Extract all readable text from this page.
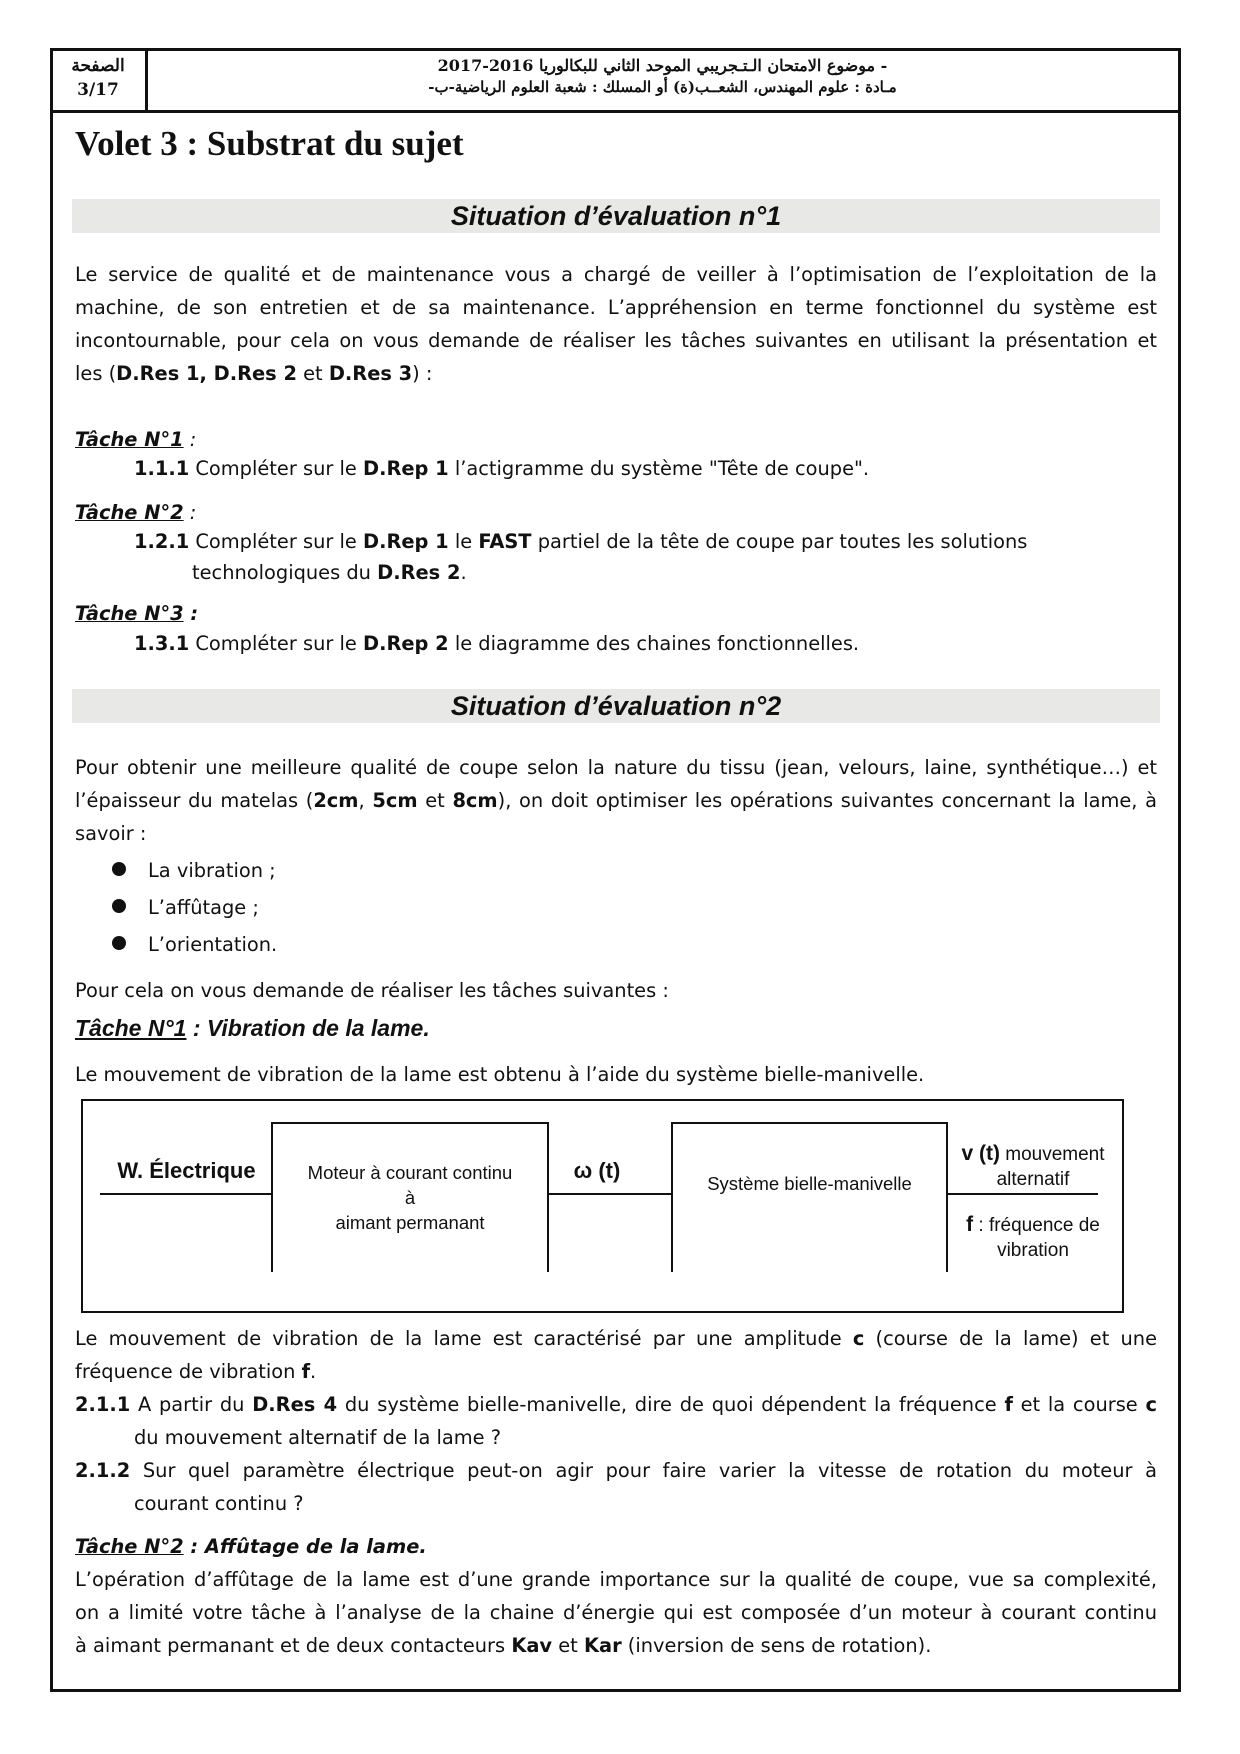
الصفحة
3/17
- موضوع الامتحان الـتـجريبي الموحد الثاني للبكالوريا 2016-2017
مـادة : علوم المهندس، الشعــب(ة) أو المسلك : شعبة العلوم الرياضية-ب-
Volet 3 : Substrat du sujet
Situation d’évaluation n°1
Le service de qualité et de maintenance vous a chargé de veiller à l’optimisation de l’exploitation de la
machine, de son entretien et de sa maintenance. L’appréhension en terme fonctionnel du système est
incontournable, pour cela on vous demande de réaliser les tâches suivantes en utilisant la présentation et
les (D.Res 1, D.Res 2 et D.Res 3) :
Tâche N°1 :
1.1.1 Compléter sur le D.Rep 1 l’actigramme du système "Tête de coupe".
Tâche N°2 :
1.2.1 Compléter sur le D.Rep 1 le FAST partiel de la tête de coupe par toutes les solutions
technologiques du D.Res 2.
Tâche N°3 :
1.3.1 Compléter sur le D.Rep 2 le diagramme des chaines fonctionnelles.
Situation d’évaluation n°2
Pour obtenir une meilleure qualité de coupe selon la nature du tissu (jean, velours, laine, synthétique…) et
l’épaisseur du matelas (2cm, 5cm et 8cm), on doit optimiser les opérations suivantes concernant la lame, à
savoir :
La vibration ;
L’affûtage ;
L’orientation.
Pour cela on vous demande de réaliser les tâches suivantes :
Tâche N°1 : Vibration de la lame.
Le mouvement de vibration de la lame est obtenu à l’aide du système bielle-manivelle.
W. Électrique	Moteur à courant continu
à
aimant permanant
ω (t)
Système bielle-manivelle
v (t) mouvement
alternatif
f : fréquence de
vibration
Le mouvement de vibration de la lame est caractérisé par une amplitude c (course de la lame) et une
fréquence de vibration f.
2.1.1 A partir du D.Res 4 du système bielle-manivelle, dire de quoi dépendent la fréquence f et la course c
du mouvement alternatif de la lame ?
2.1.2 Sur quel paramètre électrique peut-on agir pour faire varier la vitesse de rotation du moteur à
courant continu ?
Tâche N°2 : Affûtage de la lame.
L’opération d’affûtage de la lame est d’une grande importance sur la qualité de coupe, vue sa complexité,
on a limité votre tâche à l’analyse de la chaine d’énergie qui est composée d’un moteur à courant continu
à aimant permanant et de deux contacteurs Kav et Kar (inversion de sens de rotation).
